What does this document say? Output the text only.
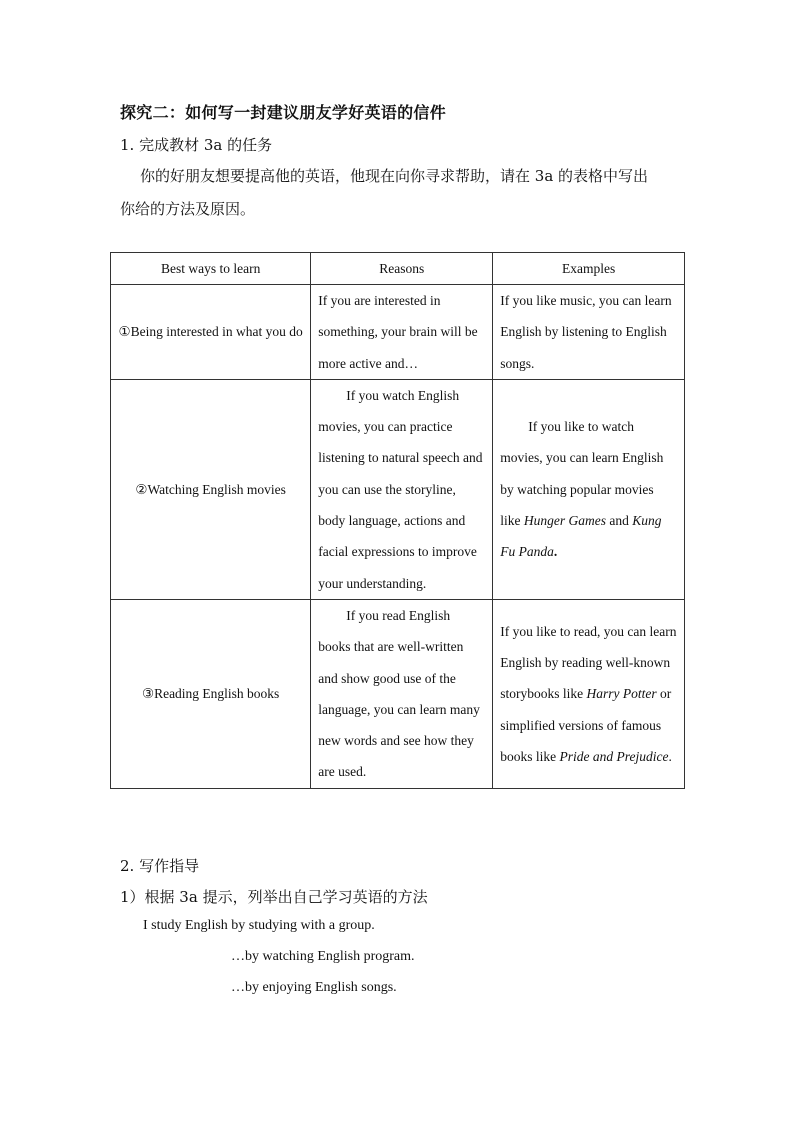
探究二：如何写一封建议朋友学好英语的信件
1. 完成教材 3a 的任务
你的好朋友想要提高他的英语，他现在向你寻求帮助，请在 3a 的表格中写出
你给的方法及原因。
Best ways to learn	Reasons	Examples
①Being interested in what you do	If you are interested in something, your brain will be more active and…	If you like music, you can learn English by listening to English songs.
②Watching English movies	If you watch English movies, you can practice listening to natural speech and you can use the storyline, body language, actions and facial expressions to improve your understanding.	If you like to watch movies, you can learn English by watching popular movies like Hunger Games and Kung Fu Panda.
③Reading English books	If you read English books that are well-written and show good use of the language, you can learn many new words and see how they are used.	If you like to read, you can learn English by reading well-known storybooks like Harry Potter or simplified versions of famous books like Pride and Prejudice.
2. 写作指导
1）根据 3a 提示，列举出自己学习英语的方法
I study English by studying with a group.
…by watching English program.
…by enjoying English songs.
